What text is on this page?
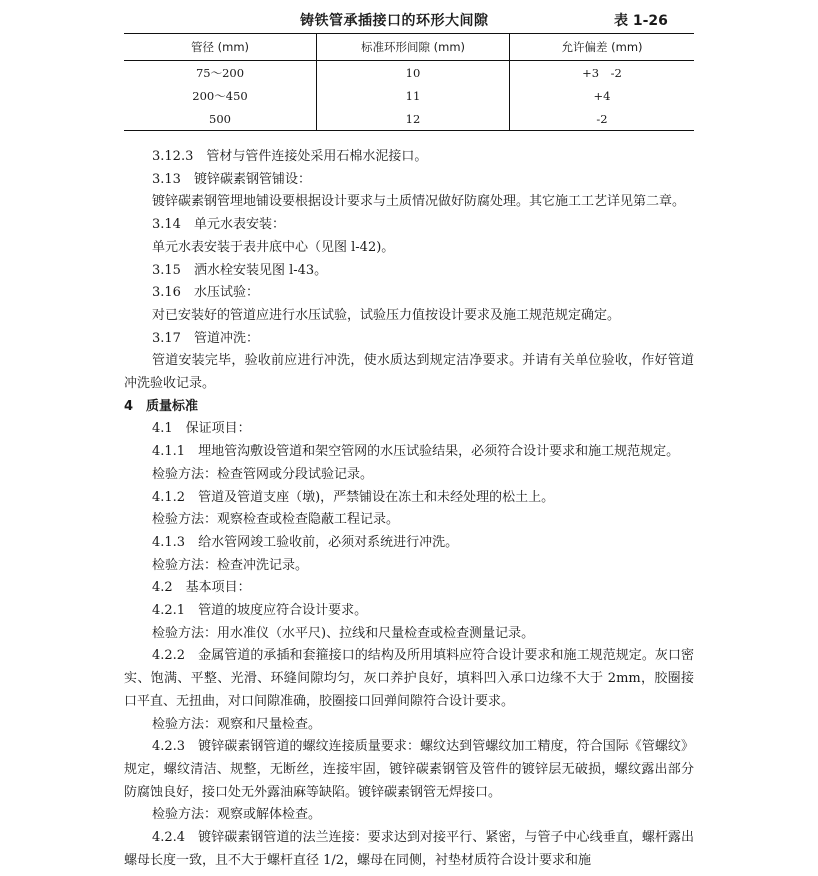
铸铁管承插接口的环形大间隙	表 1-26
管径 (mm)	标准环形间隙 (mm)	允许偏差 (mm)
75～200	10	+3　-2
200～450	11	+4
500	12	-2

3.12.3　管材与管件连接处采用石棉水泥接口。

3.13　镀锌碳素钢管铺设：

镀锌碳素钢管埋地铺设要根据设计要求与土质情况做好防腐处理。其它施工工艺详见第二章。

3.14　单元水表安装：

单元水表安装于表井底中心（见图 l-42)。

3.15　洒水栓安装见图 l-43。

3.16　水压试验：

对已安装好的管道应进行水压试验，试验压力值按设计要求及施工规范规定确定。

3.17　管道冲洗：

管道安装完毕，验收前应进行冲洗，使水质达到规定洁净要求。并请有关单位验收，作好管道冲洗验收记录。

4　质量标准

4.1　保证项目：

4.1.1　埋地管沟敷设管道和架空管网的水压试验结果，必须符合设计要求和施工规范规定。

检验方法：检查管网或分段试验记录。

4.1.2　管道及管道支座（墩)，严禁铺设在冻土和未经处理的松土上。

检验方法：观察检查或检查隐蔽工程记录。

4.1.3　给水管网竣工验收前，必须对系统进行冲洗。

检验方法：检查冲洗记录。

4.2　基本项目：

4.2.1　管道的坡度应符合设计要求。

检验方法：用水准仪（水平尺)、拉线和尺量检查或检查测量记录。

4.2.2　金属管道的承插和套箍接口的结构及所用填料应符合设计要求和施工规范规定。灰口密实、饱满、平整、光滑、环缝间隙均匀，灰口养护良好，填料凹入承口边缘不大于 2mm，胶圈接口平直、无扭曲，对口间隙准确，胶圈接口回弹间隙符合设计要求。

检验方法：观察和尺量检查。

4.2.3　镀锌碳素钢管道的螺纹连接质量要求：螺纹达到管螺纹加工精度，符合国际《管螺纹》规定，螺纹清洁、规整，无断丝，连接牢固，镀锌碳素钢管及管件的镀锌层无破损，螺纹露出部分防腐蚀良好，接口处无外露油麻等缺陷。镀锌碳素钢管无焊接口。

检验方法：观察或解体检查。

4.2.4　镀锌碳素钢管道的法兰连接：要求达到对接平行、紧密，与管子中心线垂直，螺杆露出螺母长度一致，且不大于螺杆直径 1/2，螺母在同侧，衬垫材质符合设计要求和施
